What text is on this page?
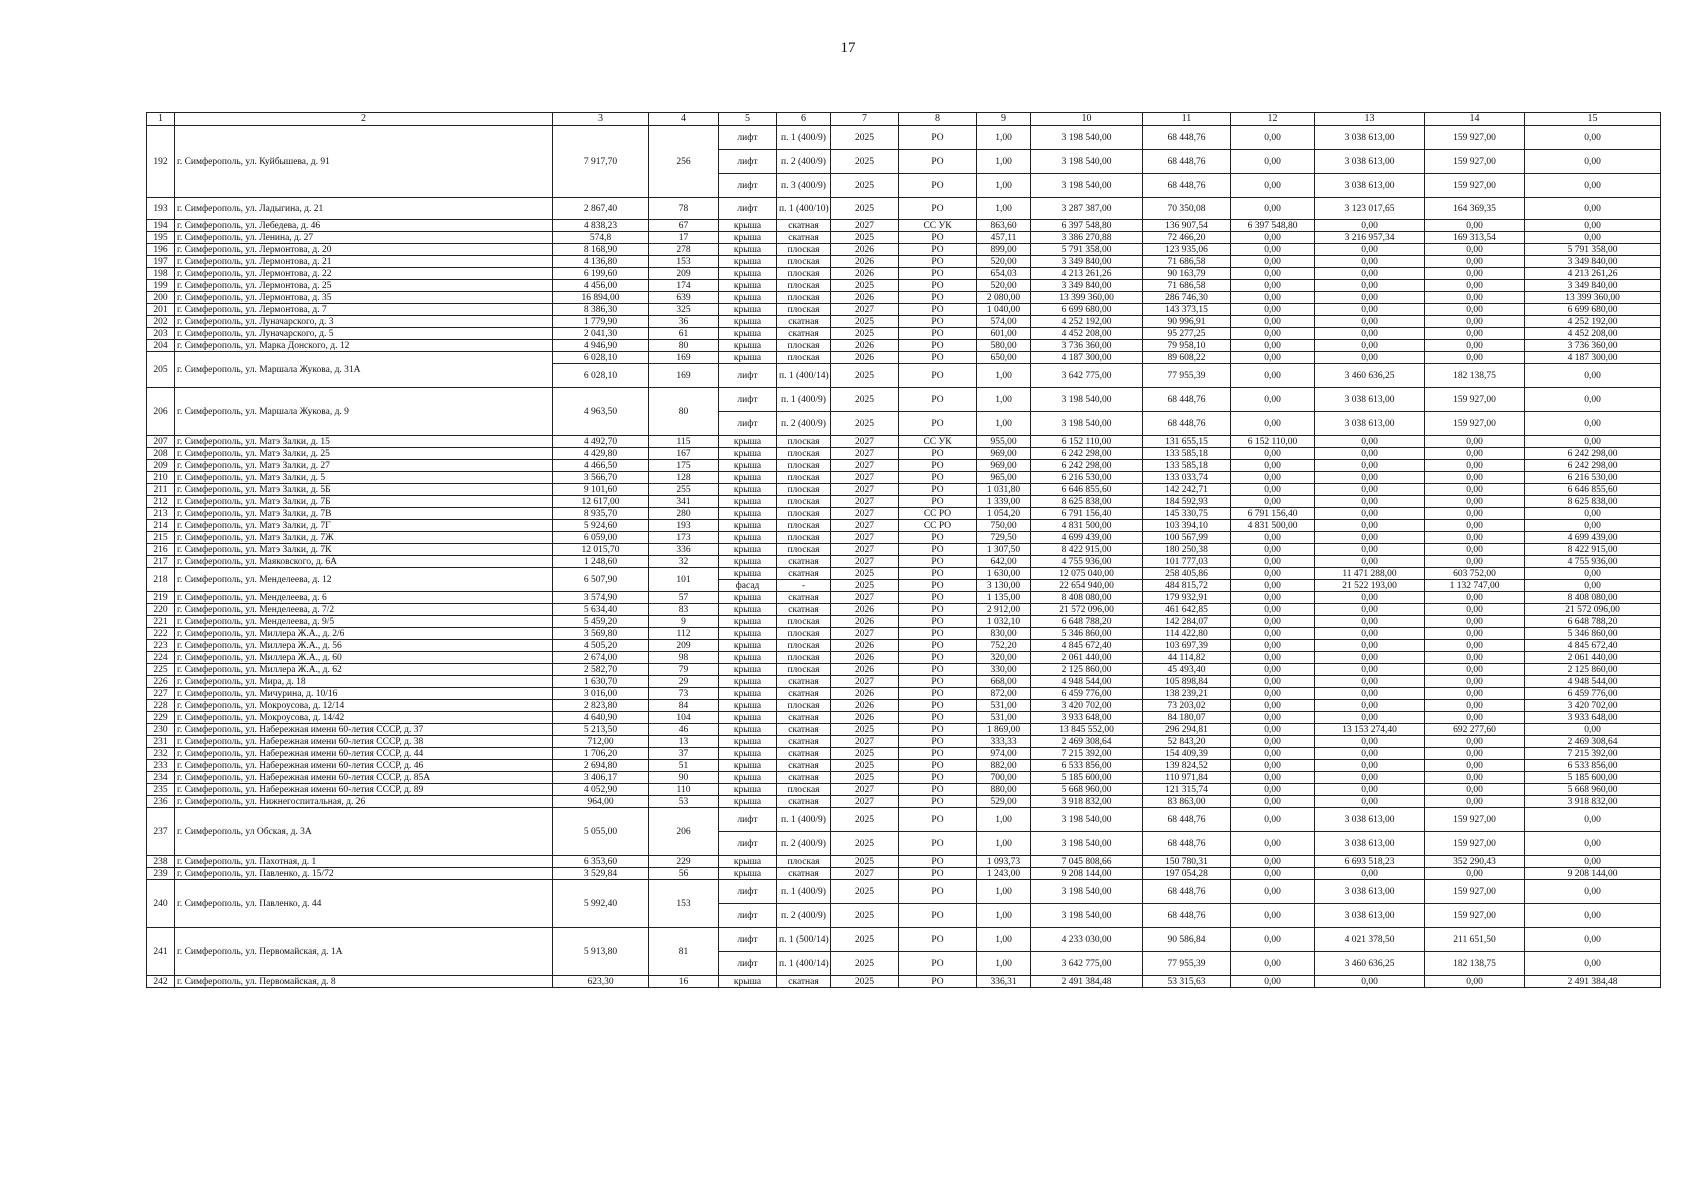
17
1	2	3	4	5	6	7	8	9	10	11	12	13	14	15
192	г. Симферополь, ул. Куйбышева, д. 91	7 917,70	256	лифт	п. 1 (400/9)	2025	РО	1,00	3 198 540,00	68 448,76	0,00	3 038 613,00	159 927,00	0,00
				лифт	п. 2 (400/9)	2025	РО	1,00	3 198 540,00	68 448,76	0,00	3 038 613,00	159 927,00	0,00
				лифт	п. 3 (400/9)	2025	РО	1,00	3 198 540,00	68 448,76	0,00	3 038 613,00	159 927,00	0,00
193	г. Симферополь, ул. Ладыгина, д. 21	2 867,40	78	лифт	п. 1 (400/10)	2025	РО	1,00	3 287 387,00	70 350,08	0,00	3 123 017,65	164 369,35	0,00
194	г. Симферополь, ул. Лебедева, д. 46	4 838,23	67	крыша	скатная	2027	СС УК	863,60	6 397 548,80	136 907,54	6 397 548,80	0,00	0,00	0,00
195	г. Симферополь, ул. Ленина, д. 27	574,8	17	крыша	скатная	2025	РО	457,11	3 386 270,88	72 466,20	0,00	3 216 957,34	169 313,54	0,00
196	г. Симферополь, ул. Лермонтова, д. 20	8 168,90	278	крыша	плоская	2026	РО	899,00	5 791 358,00	123 935,06	0,00	0,00	0,00	5 791 358,00
197	г. Симферополь, ул. Лермонтова, д. 21	4 136,80	153	крыша	плоская	2026	РО	520,00	3 349 840,00	71 686,58	0,00	0,00	0,00	3 349 840,00
198	г. Симферополь, ул. Лермонтова, д. 22	6 199,60	209	крыша	плоская	2026	РО	654,03	4 213 261,26	90 163,79	0,00	0,00	0,00	4 213 261,26
199	г. Симферополь, ул. Лермонтова, д. 25	4 456,00	174	крыша	плоская	2025	РО	520,00	3 349 840,00	71 686,58	0,00	0,00	0,00	3 349 840,00
200	г. Симферополь, ул. Лермонтова, д. 35	16 894,00	639	крыша	плоская	2026	РО	2 080,00	13 399 360,00	286 746,30	0,00	0,00	0,00	13 399 360,00
201	г. Симферополь, ул. Лермонтова, д. 7	8 386,30	325	крыша	плоская	2027	РО	1 040,00	6 699 680,00	143 373,15	0,00	0,00	0,00	6 699 680,00
202	г. Симферополь, ул. Луначарского, д. 3	1 779,90	36	крыша	скатная	2025	РО	574,00	4 252 192,00	90 996,91	0,00	0,00	0,00	4 252 192,00
203	г. Симферополь, ул. Луначарского, д. 5	2 041,30	61	крыша	скатная	2025	РО	601,00	4 452 208,00	95 277,25	0,00	0,00	0,00	4 452 208,00
204	г. Симферополь, ул. Марка Донского, д. 12	4 946,90	80	крыша	плоская	2026	РО	580,00	3 736 360,00	79 958,10	0,00	0,00	0,00	3 736 360,00
205	г. Симферополь, ул. Маршала Жукова, д. 31А	6 028,10	169	крыша	плоская	2026	РО	650,00	4 187 300,00	89 608,22	0,00	0,00	0,00	4 187 300,00
		6 028,10	169	лифт	п. 1 (400/14)	2025	РО	1,00	3 642 775,00	77 955,39	0,00	3 460 636,25	182 138,75	0,00
206	г. Симферополь, ул. Маршала Жукова, д. 9	4 963,50	80	лифт	п. 1 (400/9)	2025	РО	1,00	3 198 540,00	68 448,76	0,00	3 038 613,00	159 927,00	0,00
				лифт	п. 2 (400/9)	2025	РО	1,00	3 198 540,00	68 448,76	0,00	3 038 613,00	159 927,00	0,00
207	г. Симферополь, ул. Матэ Залки, д. 15	4 492,70	115	крыша	плоская	2027	СС УК	955,00	6 152 110,00	131 655,15	6 152 110,00	0,00	0,00	0,00
208	г. Симферополь, ул. Матэ Залки, д. 25	4 429,80	167	крыша	плоская	2027	РО	969,00	6 242 298,00	133 585,18	0,00	0,00	0,00	6 242 298,00
209	г. Симферополь, ул. Матэ Залки, д. 27	4 466,50	175	крыша	плоская	2027	РО	969,00	6 242 298,00	133 585,18	0,00	0,00	0,00	6 242 298,00
210	г. Симферополь, ул. Матэ Залки, д. 5	3 566,70	128	крыша	плоская	2027	РО	965,00	6 216 530,00	133 033,74	0,00	0,00	0,00	6 216 530,00
211	г. Симферополь, ул. Матэ Залки, д. 5Б	9 101,60	255	крыша	плоская	2027	РО	1 031,80	6 646 855,60	142 242,71	0,00	0,00	0,00	6 646 855,60
212	г. Симферополь, ул. Матэ Залки, д. 7Б	12 617,00	341	крыша	плоская	2027	РО	1 339,00	8 625 838,00	184 592,93	0,00	0,00	0,00	8 625 838,00
213	г. Симферополь, ул. Матэ Залки, д. 7В	8 935,70	280	крыша	плоская	2027	СС РО	1 054,20	6 791 156,40	145 330,75	6 791 156,40	0,00	0,00	0,00
214	г. Симферополь, ул. Матэ Залки, д. 7Г	5 924,60	193	крыша	плоская	2027	СС РО	750,00	4 831 500,00	103 394,10	4 831 500,00	0,00	0,00	0,00
215	г. Симферополь, ул. Матэ Залки, д. 7Ж	6 059,00	173	крыша	плоская	2027	РО	729,50	4 699 439,00	100 567,99	0,00	0,00	0,00	4 699 439,00
216	г. Симферополь, ул. Матэ Залки, д. 7К	12 015,70	336	крыша	плоская	2027	РО	1 307,50	8 422 915,00	180 250,38	0,00	0,00	0,00	8 422 915,00
217	г. Симферополь, ул. Маяковского, д. 6А	1 248,60	32	крыша	скатная	2027	РО	642,00	4 755 936,00	101 777,03	0,00	0,00	0,00	4 755 936,00
218	г. Симферополь, ул. Менделеева, д. 12	6 507,90	101	крыша	скатная	2025	РО	1 630,00	12 075 040,00	258 405,86	0,00	11 471 288,00	603 752,00	0,00
				фасад	-	2025	РО	3 130,00	22 654 940,00	484 815,72	0,00	21 522 193,00	1 132 747,00	0,00
219	г. Симферополь, ул. Менделеева, д. 6	3 574,90	57	крыша	скатная	2027	РО	1 135,00	8 408 080,00	179 932,91	0,00	0,00	0,00	8 408 080,00
220	г. Симферополь, ул. Менделеева, д. 7/2	5 634,40	83	крыша	скатная	2026	РО	2 912,00	21 572 096,00	461 642,85	0,00	0,00	0,00	21 572 096,00
221	г. Симферополь, ул. Менделеева, д. 9/5	5 459,20	9	крыша	плоская	2026	РО	1 032,10	6 648 788,20	142 284,07	0,00	0,00	0,00	6 648 788,20
222	г. Симферополь, ул. Миллера Ж.А., д. 2/6	3 569,80	112	крыша	плоская	2027	РО	830,00	5 346 860,00	114 422,80	0,00	0,00	0,00	5 346 860,00
223	г. Симферополь, ул. Миллера Ж.А., д. 56	4 505,20	209	крыша	плоская	2026	РО	752,20	4 845 672,40	103 697,39	0,00	0,00	0,00	4 845 672,40
224	г. Симферополь, ул. Миллера Ж.А., д. 60	2 674,00	98	крыша	плоская	2026	РО	320,00	2 061 440,00	44 114,82	0,00	0,00	0,00	2 061 440,00
225	г. Симферополь, ул. Миллера Ж.А., д. 62	2 582,70	79	крыша	плоская	2026	РО	330,00	2 125 860,00	45 493,40	0,00	0,00	0,00	2 125 860,00
226	г. Симферополь, ул. Мира, д. 18	1 630,70	29	крыша	скатная	2027	РО	668,00	4 948 544,00	105 898,84	0,00	0,00	0,00	4 948 544,00
227	г. Симферополь, ул. Мичурина, д. 10/16	3 016,00	73	крыша	скатная	2026	РО	872,00	6 459 776,00	138 239,21	0,00	0,00	0,00	6 459 776,00
228	г. Симферополь, ул. Мокроусова, д. 12/14	2 823,80	84	крыша	плоская	2026	РО	531,00	3 420 702,00	73 203,02	0,00	0,00	0,00	3 420 702,00
229	г. Симферополь, ул. Мокроусова, д. 14/42	4 640,90	104	крыша	скатная	2026	РО	531,00	3 933 648,00	84 180,07	0,00	0,00	0,00	3 933 648,00
230	г. Симферополь, ул. Набережная имени 60-летия СССР, д. 37	5 213,50	46	крыша	скатная	2025	РО	1 869,00	13 845 552,00	296 294,81	0,00	13 153 274,40	692 277,60	0,00
231	г. Симферополь, ул. Набережная имени 60-летия СССР, д. 38	712,00	13	крыша	скатная	2027	РО	333,33	2 469 308,64	52 843,20	0,00	0,00	0,00	2 469 308,64
232	г. Симферополь, ул. Набережная имени 60-летия СССР, д. 44	1 706,20	37	крыша	скатная	2025	РО	974,00	7 215 392,00	154 409,39	0,00	0,00	0,00	7 215 392,00
233	г. Симферополь, ул. Набережная имени 60-летия СССР, д. 46	2 694,80	51	крыша	скатная	2025	РО	882,00	6 533 856,00	139 824,52	0,00	0,00	0,00	6 533 856,00
234	г. Симферополь, ул. Набережная имени 60-летия СССР, д. 85А	3 406,17	90	крыша	скатная	2025	РО	700,00	5 185 600,00	110 971,84	0,00	0,00	0,00	5 185 600,00
235	г. Симферополь, ул. Набережная имени 60-летия СССР, д. 89	4 052,90	110	крыша	плоская	2027	РО	880,00	5 668 960,00	121 315,74	0,00	0,00	0,00	5 668 960,00
236	г. Симферополь, ул. Нижнегоспитальная, д. 26	964,00	53	крыша	скатная	2027	РО	529,00	3 918 832,00	83 863,00	0,00	0,00	0,00	3 918 832,00
237	г. Симферополь, ул Обская, д. 3А	5 055,00	206	лифт	п. 1 (400/9)	2025	РО	1,00	3 198 540,00	68 448,76	0,00	3 038 613,00	159 927,00	0,00
				лифт	п. 2 (400/9)	2025	РО	1,00	3 198 540,00	68 448,76	0,00	3 038 613,00	159 927,00	0,00
238	г. Симферополь, ул. Пахотная, д. 1	6 353,60	229	крыша	плоская	2025	РО	1 093,73	7 045 808,66	150 780,31	0,00	6 693 518,23	352 290,43	0,00
239	г. Симферополь, ул. Павленко, д. 15/72	3 529,84	56	крыша	скатная	2027	РО	1 243,00	9 208 144,00	197 054,28	0,00	0,00	0,00	9 208 144,00
240	г. Симферополь, ул. Павленко, д. 44	5 992,40	153	лифт	п. 1 (400/9)	2025	РО	1,00	3 198 540,00	68 448,76	0,00	3 038 613,00	159 927,00	0,00
				лифт	п. 2 (400/9)	2025	РО	1,00	3 198 540,00	68 448,76	0,00	3 038 613,00	159 927,00	0,00
241	г. Симферополь, ул. Первомайская, д. 1А	5 913,80	81	лифт	п. 1 (500/14)	2025	РО	1,00	4 233 030,00	90 586,84	0,00	4 021 378,50	211 651,50	0,00
				лифт	п. 1 (400/14)	2025	РО	1,00	3 642 775,00	77 955,39	0,00	3 460 636,25	182 138,75	0,00
242	г. Симферополь, ул. Первомайская, д. 8	623,30	16	крыша	скатная	2025	РО	336,31	2 491 384,48	53 315,63	0,00	0,00	0,00	2 491 384,48
